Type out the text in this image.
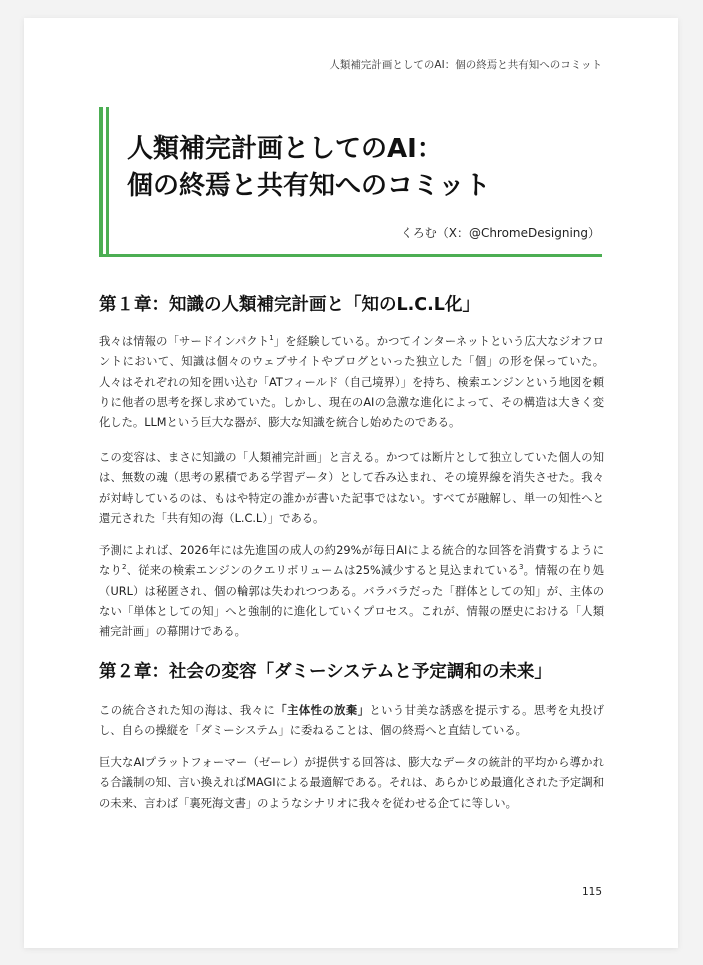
人類補完計画としてのAI：個の終焉と共有知へのコミット
人類補完計画としてのAI：
個の終焉と共有知へのコミット
くろむ（X：@ChromeDesigning）
第１章：知識の人類補完計画と「知のL.C.L化」

我々は情報の「サードインパクト$^1$」を経験している。かつてインターネットという広大なジオフロントにおいて、知識は個々のウェブサイトやブログといった独立した「個」の形を保っていた。人々はそれぞれの知を囲い込む「ATフィールド（自己境界）」を持ち、検索エンジンという地図を頼りに他者の思考を探し求めていた。しかし、現在のAIの急激な進化によって、その構造は大きく変化した。LLMという巨大な器が、膨大な知識を統合し始めたのである。

この変容は、まさに知識の「人類補完計画」と言える。かつては断片として独立していた個人の知は、無数の魂（思考の累積である学習データ）として呑み込まれ、その境界線を消失させた。我々が対峙しているのは、もはや特定の誰かが書いた記事ではない。すべてが融解し、単一の知性へと還元された「共有知の海（L.C.L）」である。

予測によれば、2026年には先進国の成人の約29%が毎日AIによる統合的な回答を消費するようになり$^2$、従来の検索エンジンのクエリボリュームは25%減少すると見込まれている$^3$。情報の在り処（URL）は秘匿され、個の輪郭は失われつつある。バラバラだった「群体としての知」が、主体のない「単体としての知」へと強制的に進化していくプロセス。これが、情報の歴史における「人類補完計画」の幕開けである。

第２章：社会の変容「ダミーシステムと予定調和の未来」

この統合された知の海は、我々に「主体性の放棄」という甘美な誘惑を提示する。思考を丸投げし、自らの操縦を「ダミーシステム」に委ねることは、個の終焉へと直結している。

巨大なAIプラットフォーマー（ゼーレ）が提供する回答は、膨大なデータの統計的平均から導かれる合議制の知、言い換えればMAGIによる最適解である。それは、あらかじめ最適化された予定調和の未来、言わば「裏死海文書」のようなシナリオに我々を従わせる企てに等しい。

115
